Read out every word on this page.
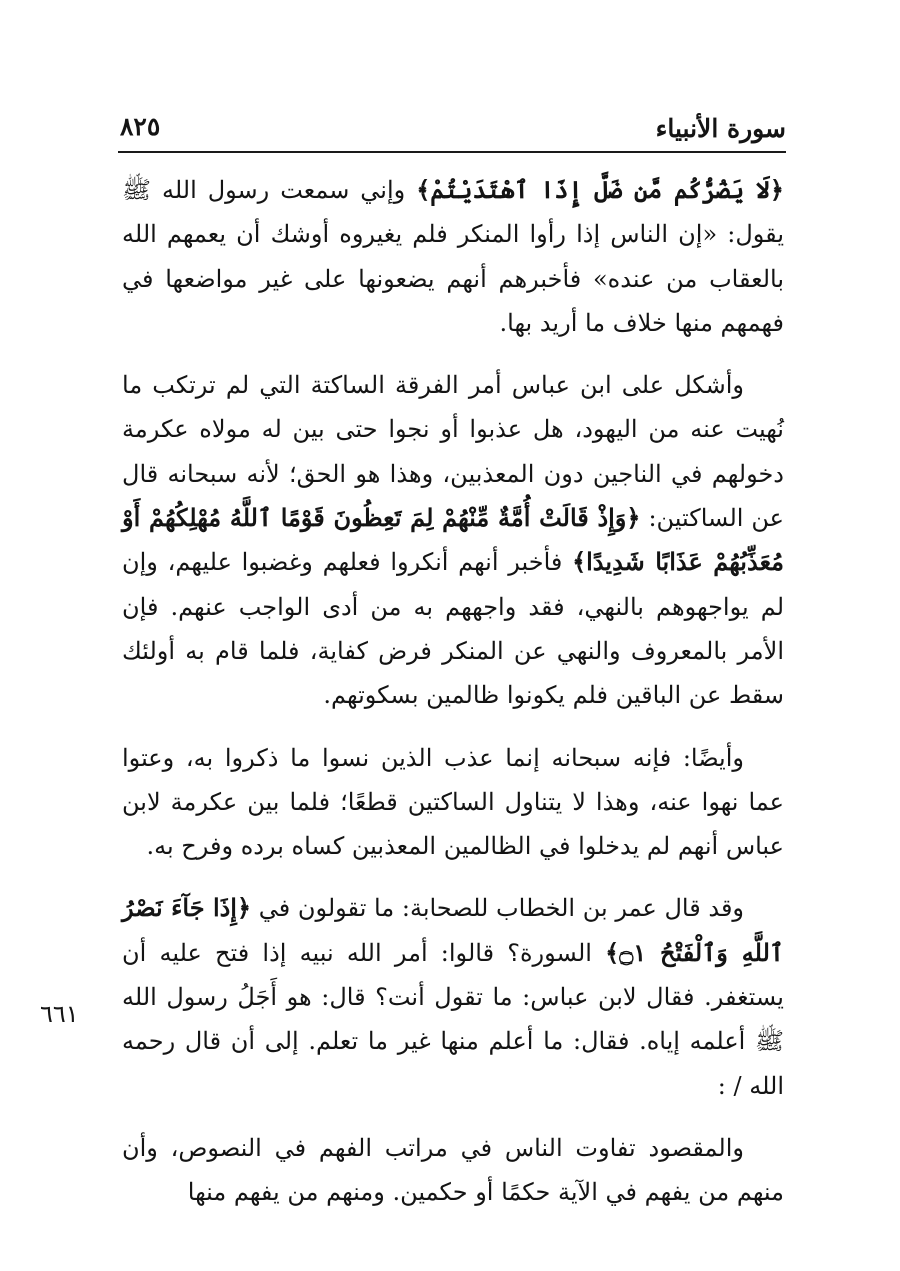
سورة الأنبياء
٨٢٥

﴿لَا يَضُرُّكُم مَّن ضَلَّ إِذَا ٱهْتَدَيْتُمْ﴾ وإني سمعت رسول الله ﷺ يقول: «إن الناس إذا رأوا المنكر فلم يغيروه أوشك أن يعمهم الله بالعقاب من عنده» فأخبرهم أنهم يضعونها على غير مواضعها في فهمهم منها خلاف ما أريد بها.

وأشكل على ابن عباس أمر الفرقة الساكتة التي لم ترتكب ما نُهيت عنه من اليهود، هل عذبوا أو نجوا حتى بين له مولاه عكرمة دخولهم في الناجين دون المعذبين، وهذا هو الحق؛ لأنه سبحانه قال عن الساكتين: ﴿وَإِذْ قَالَتْ أُمَّةٌ مِّنْهُمْ لِمَ تَعِظُونَ قَوْمًا ٱللَّهُ مُهْلِكُهُمْ أَوْ مُعَذِّبُهُمْ عَذَابًا شَدِيدًا﴾ فأخبر أنهم أنكروا فعلهم وغضبوا عليهم، وإن لم يواجهوهم بالنهي، فقد واجههم به من أدى الواجب عنهم. فإن الأمر بالمعروف والنهي عن المنكر فرض كفاية، فلما قام به أولئك سقط عن الباقين فلم يكونوا ظالمين بسكوتهم.

وأيضًا: فإنه سبحانه إنما عذب الذين نسوا ما ذكروا به، وعتوا عما نهوا عنه، وهذا لا يتناول الساكتين قطعًا؛ فلما بين عكرمة لابن عباس أنهم لم يدخلوا في الظالمين المعذبين كساه برده وفرح به.

وقد قال عمر بن الخطاب للصحابة: ما تقولون في ﴿إِذَا جَآءَ نَصْرُ ٱللَّهِ وَٱلْفَتْحُ ۝١﴾ السورة؟ قالوا: أمر الله نبيه إذا فتح عليه أن يستغفر. فقال لابن عباس: ما تقول أنت؟ قال: هو أَجَلُ رسول الله ﷺ أعلمه إياه. فقال: ما أعلم منها غير ما تعلم. إلى أن قال رحمه الله / :

والمقصود تفاوت الناس في مراتب الفهم في النصوص، وأن منهم من يفهم في الآية حكمًا أو حكمين. ومنهم من يفهم منها

٦٦١
